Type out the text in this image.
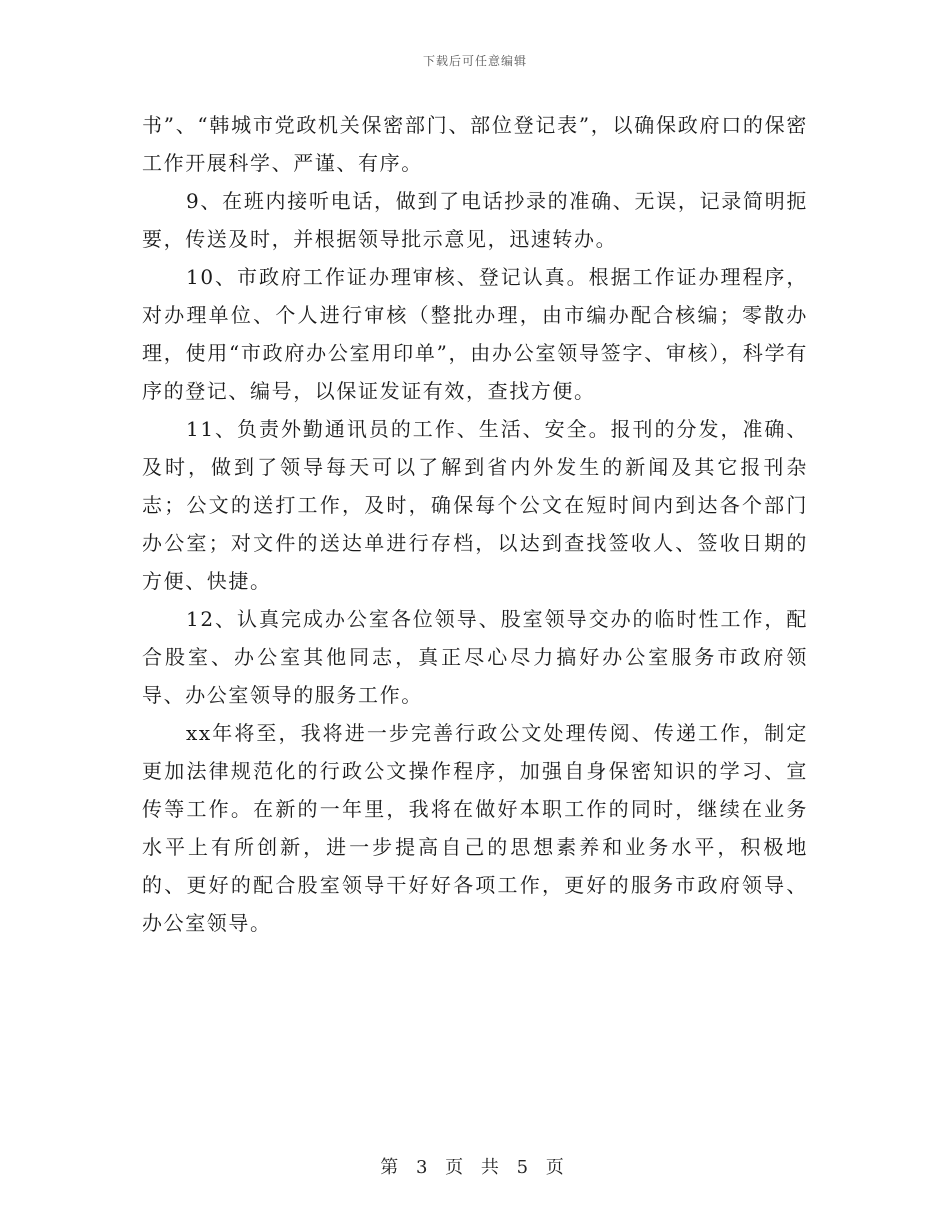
下载后可任意编辑

书”、“韩城市党政机关保密部门、部位登记表”，以确保政府口的保密工作开展科学、严谨、有序。

9、在班内接听电话，做到了电话抄录的准确、无误，记录简明扼要，传送及时，并根据领导批示意见，迅速转办。

10、市政府工作证办理审核、登记认真。根据工作证办理程序，对办理单位、个人进行审核（整批办理，由市编办配合核编；零散办理，使用“市政府办公室用印单”，由办公室领导签字、审核），科学有序的登记、编号，以保证发证有效，查找方便。

11、负责外勤通讯员的工作、生活、安全。报刊的分发，准确、及时，做到了领导每天可以了解到省内外发生的新闻及其它报刊杂志；公文的送打工作，及时，确保每个公文在短时间内到达各个部门办公室；对文件的送达单进行存档，以达到查找签收人、签收日期的方便、快捷。

12、认真完成办公室各位领导、股室领导交办的临时性工作，配合股室、办公室其他同志，真正尽心尽力搞好办公室服务市政府领导、办公室领导的服务工作。

xx年将至，我将进一步完善行政公文处理传阅、传递工作，制定更加法律规范化的行政公文操作程序，加强自身保密知识的学习、宣传等工作。在新的一年里，我将在做好本职工作的同时，继续在业务水平上有所创新，进一步提高自己的思想素养和业务水平，积极地的、更好的配合股室领导干好好各项工作，更好的服务市政府领导、办公室领导。

第 3 页 共 5 页
